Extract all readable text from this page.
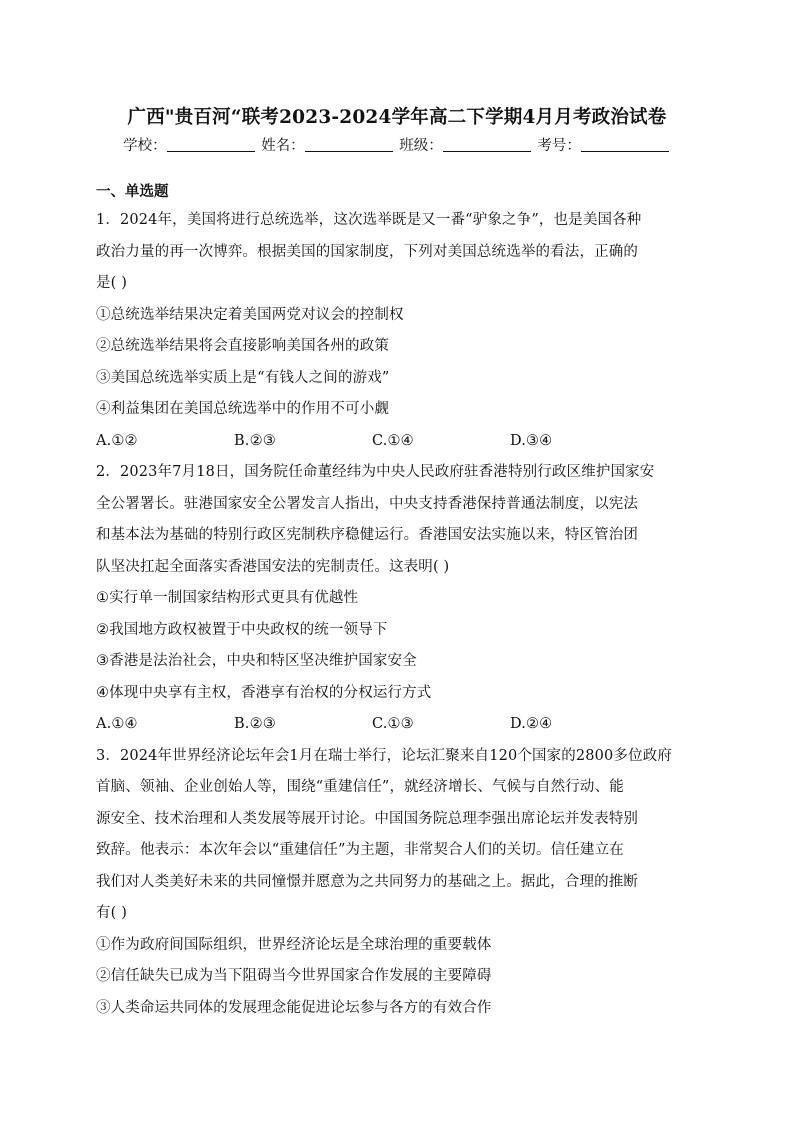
广西"贵百河“联考2023-2024学年高二下学期4月月考政治试卷
学校：	姓名：	班级：	考号：
一、单选题
1．2024年，美国将进行总统选举，这次选举既是又一番“驴象之争”，也是美国各种
政治力量的再一次博弈。根据美国的国家制度，下列对美国总统选举的看法，正确的
是( )
①总统选举结果决定着美国两党对议会的控制权
②总统选举结果将会直接影响美国各州的政策
③美国总统选举实质上是“有钱人之间的游戏”
④利益集团在美国总统选举中的作用不可小觑
A.①②	B.②③	C.①④	D.③④
2．2023年7月18日，国务院任命董经纬为中央人民政府驻香港特别行政区维护国家安
全公署署长。驻港国家安全公署发言人指出，中央支持香港保持普通法制度，以宪法
和基本法为基础的特别行政区宪制秩序稳健运行。香港国安法实施以来，特区管治团
队坚决扛起全面落实香港国安法的宪制责任。这表明( )
①实行单一制国家结构形式更具有优越性
②我国地方政权被置于中央政权的统一领导下
③香港是法治社会，中央和特区坚决维护国家安全
④体现中央享有主权，香港享有治权的分权运行方式
A.①④	B.②③	C.①③	D.②④
3．2024年世界经济论坛年会1月在瑞士举行，论坛汇聚来自120个国家的2800多位政府
首脑、领袖、企业创始人等，围绕“重建信任”，就经济增长、气候与自然行动、能
源安全、技术治理和人类发展等展开讨论。中国国务院总理李强出席论坛并发表特别
致辞。他表示：本次年会以“重建信任”为主题，非常契合人们的关切。信任建立在
我们对人类美好未来的共同憧憬并愿意为之共同努力的基础之上。据此，合理的推断
有( )
①作为政府间国际组织，世界经济论坛是全球治理的重要载体
②信任缺失已成为当下阻碍当今世界国家合作发展的主要障碍
③人类命运共同体的发展理念能促进论坛参与各方的有效合作
